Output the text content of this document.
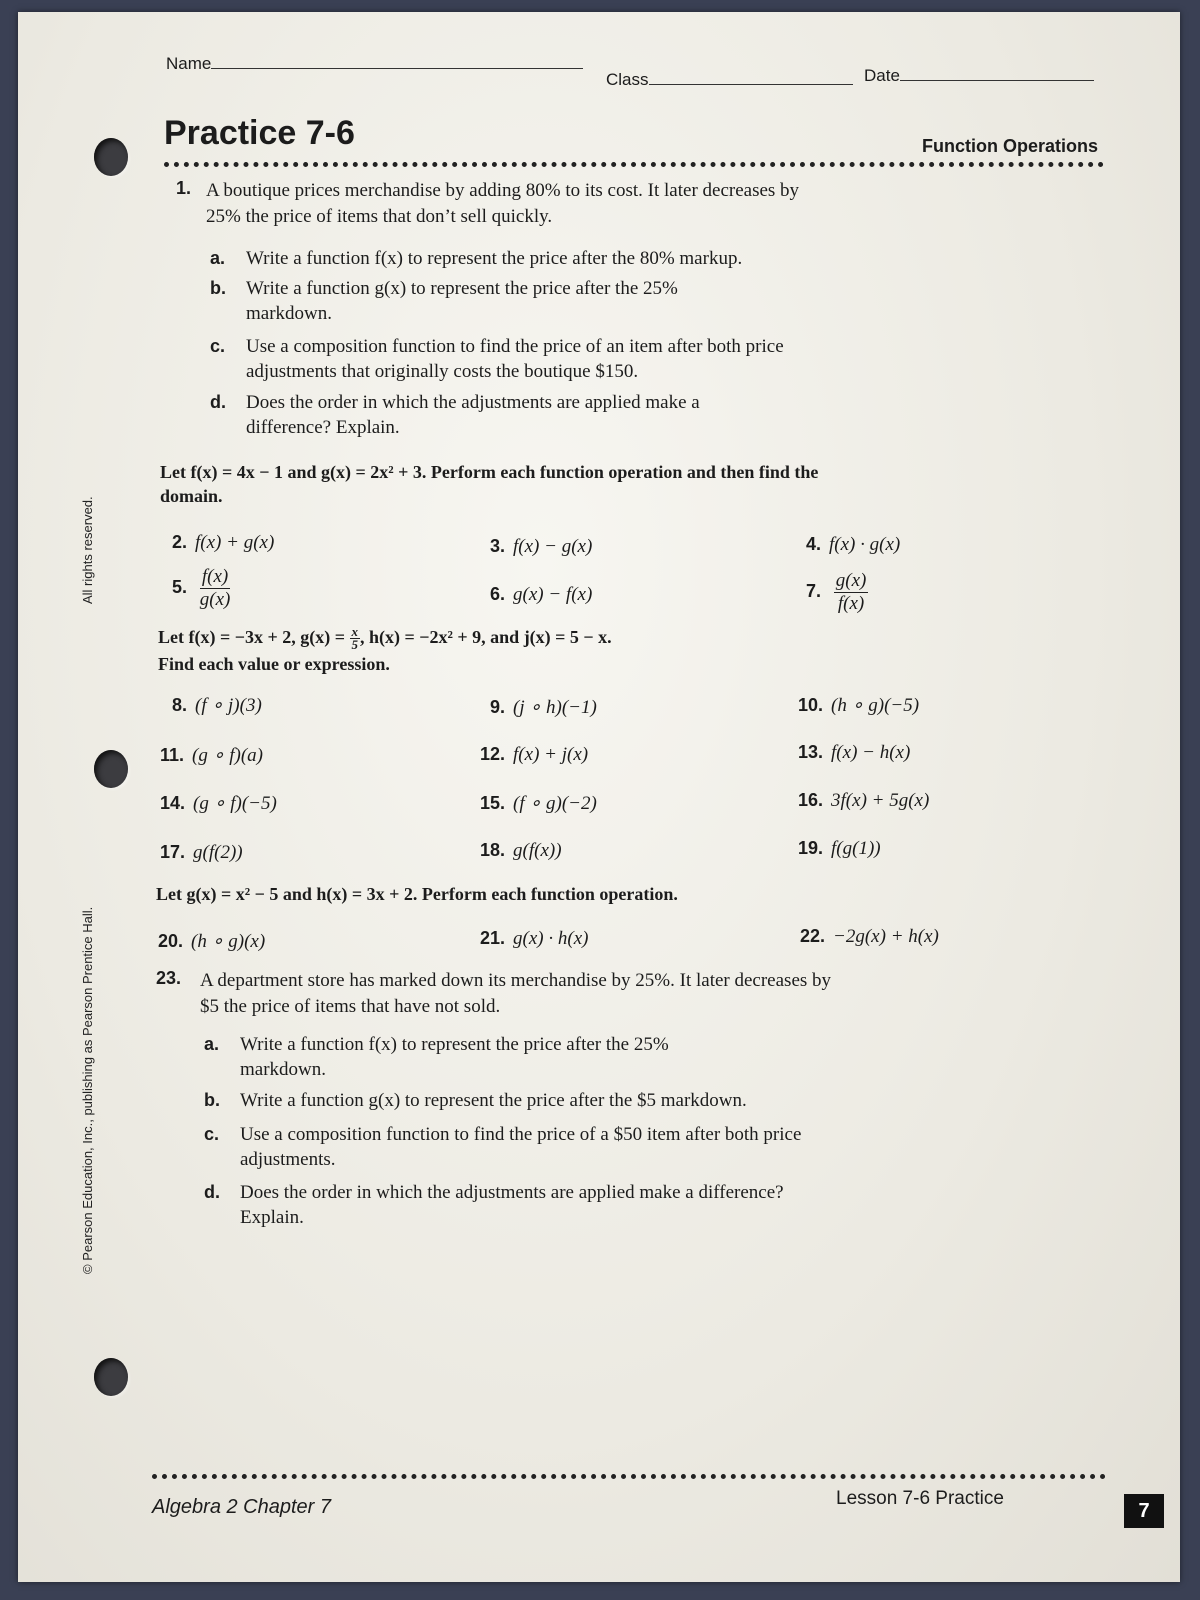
All rights reserved.
© Pearson Education, Inc., publishing as Pearson Prentice Hall.
Name
Class	Date
Practice 7-6	Function Operations
1. A boutique prices merchandise by adding 80% to its cost. It later decreases by 25% the price of items that don’t sell quickly.
a. Write a function f(x) to represent the price after the 80% markup.
b. Write a function g(x) to represent the price after the 25% markdown.
c. Use a composition function to find the price of an item after both price adjustments that originally costs the boutique $150.
d. Does the order in which the adjustments are applied make a difference? Explain.
Let f(x) = 4x − 1 and g(x) = 2x² + 3. Perform each function operation and then find the domain.
2. f(x) + g(x)	3. f(x) − g(x)	4. f(x) · g(x)
5. $\frac{f(x)}{g(x)}$	6. g(x) − f(x)	7. $\frac{g(x)}{f(x)}$
Let f(x) = −3x + 2, $g(x) = \frac{x}{5}$ , h(x) = −2x² + 9, and j(x) = 5 − x.
Find each value or expression.
8. (f ∘ j)(3)	9. (j ∘ h)(−1)	10. (h ∘ g)(−5)
11. (g ∘ f)(a)	12. f(x) + j(x)	13. f(x) − h(x)
14. (g ∘ f)(−5)	15. (f ∘ g)(−2)	16. 3f(x) + 5g(x)
17. g(f(2))	18. g(f(x))	19. f(g(1))
Let g(x) = x² − 5 and h(x) = 3x + 2. Perform each function operation.
20. (h ∘ g)(x)	21. g(x) · h(x)	22. −2g(x) + h(x)
23. A department store has marked down its merchandise by 25%. It later decreases by $5 the price of items that have not sold.
a. Write a function f(x) to represent the price after the 25% markdown.
b. Write a function g(x) to represent the price after the $5 markdown.
c. Use a composition function to find the price of a $50 item after both price adjustments.
d. Does the order in which the adjustments are applied make a difference? Explain.
Algebra 2 Chapter 7	Lesson 7-6 Practice
7
